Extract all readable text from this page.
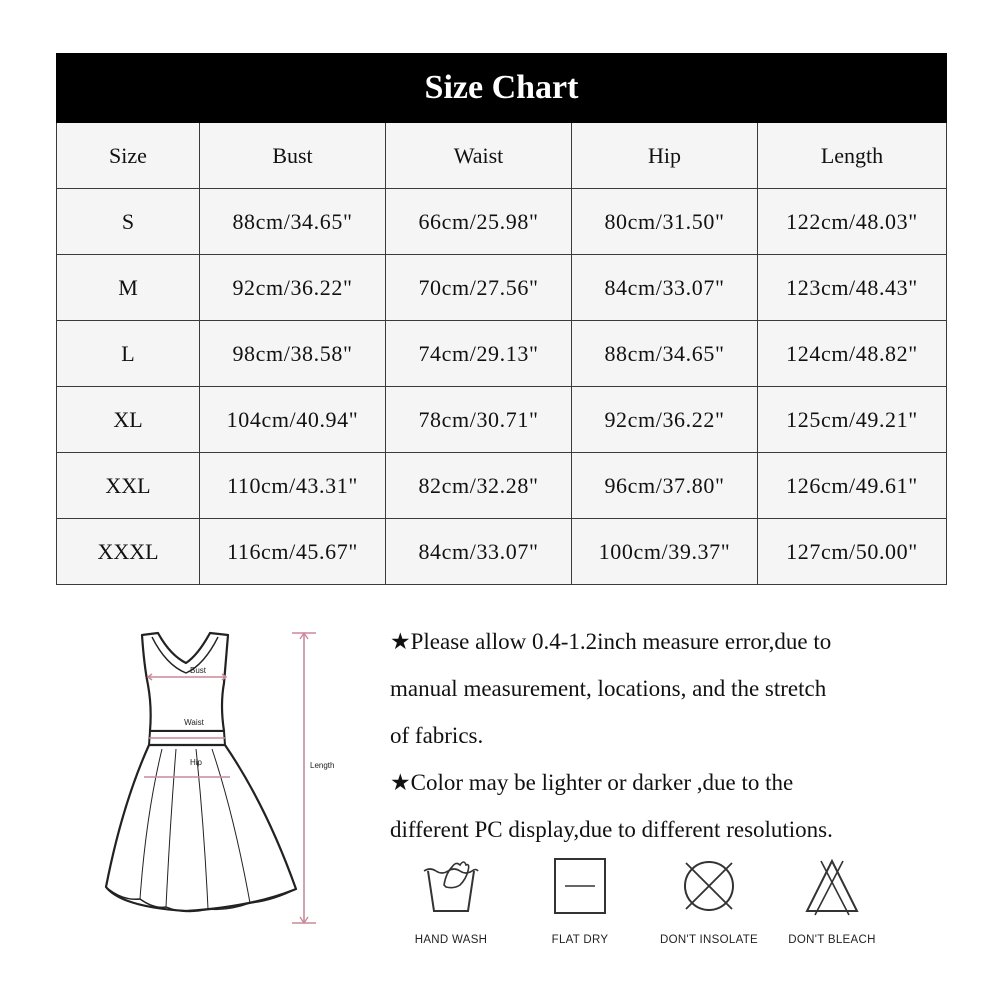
Size Chart				
Size	Bust	Waist	Hip	Length
S	88cm/34.65"	66cm/25.98"	80cm/31.50"	122cm/48.03"
M	92cm/36.22"	70cm/27.56"	84cm/33.07"	123cm/48.43"
L	98cm/38.58"	74cm/29.13"	88cm/34.65"	124cm/48.82"
XL	104cm/40.94"	78cm/30.71"	92cm/36.22"	125cm/49.21"
XXL	110cm/43.31"	82cm/32.28"	96cm/37.80"	126cm/49.61"
XXXL	116cm/45.67"	84cm/33.07"	100cm/39.37"	127cm/50.00"
Bust
Waist
Hip	Length

★Please allow 0.4-1.2inch measure error,due to

manual measurement, locations, and the stretch

of fabrics.

★Color may be lighter or darker ,due to the

different PC display,due to different resolutions.

HAND WASH	FLAT DRY	DON'T INSOLATE	DON'T BLEACH
